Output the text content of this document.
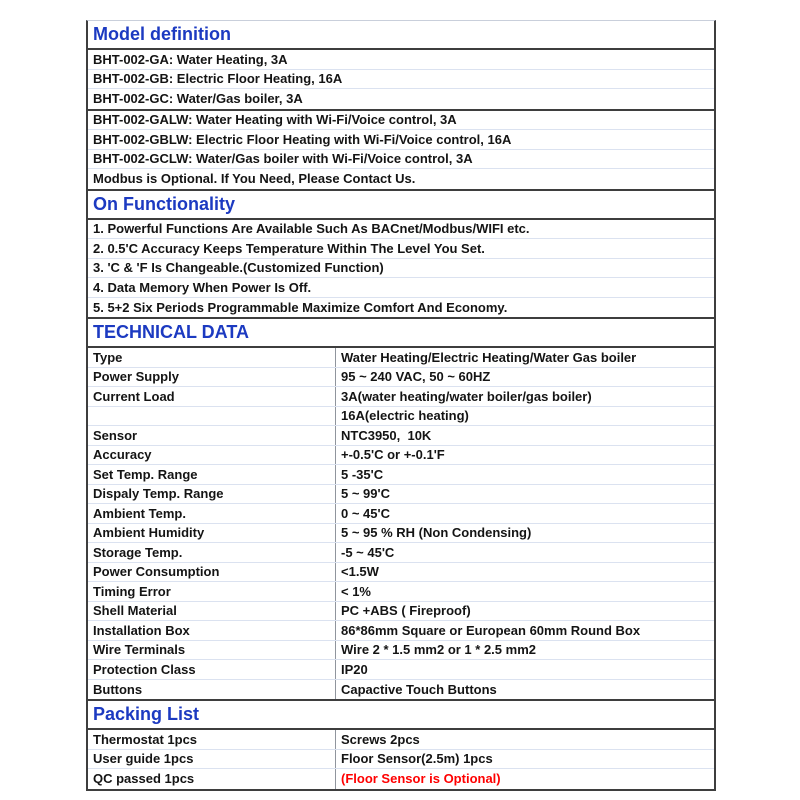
Model definition
BHT-002-GA: Water Heating, 3A
BHT-002-GB: Electric Floor Heating, 16A
BHT-002-GC: Water/Gas boiler, 3A
BHT-002-GALW: Water Heating with Wi-Fi/Voice control, 3A
BHT-002-GBLW: Electric Floor Heating with Wi-Fi/Voice control, 16A
BHT-002-GCLW: Water/Gas boiler with Wi-Fi/Voice control, 3A
Modbus is Optional. If You Need, Please Contact Us.
On Functionality
1. Powerful Functions Are Available Such As BACnet/Modbus/WIFI etc.
2. 0.5'C Accuracy Keeps Temperature Within The Level You Set.
3. 'C & 'F Is Changeable.(Customized Function)
4. Data Memory When Power Is Off.
5. 5+2 Six Periods Programmable Maximize Comfort And Economy.
TECHNICAL DATA
Type	Water Heating/Electric Heating/Water Gas boiler
Power Supply	95 ~ 240 VAC, 50 ~ 60HZ
Current Load	3A(water heating/water boiler/gas boiler)
16A(electric heating)
Sensor	NTC3950,  10K
Accuracy	+-0.5'C or +-0.1'F
Set Temp. Range	5 -35'C
Dispaly Temp. Range	5 ~ 99'C
Ambient Temp.	0 ~ 45'C
Ambient Humidity	5 ~ 95 % RH (Non Condensing)
Storage Temp.	-5 ~ 45'C
Power Consumption	<1.5W
Timing Error	< 1%
Shell Material	PC +ABS ( Fireproof)
Installation Box	86*86mm Square or European 60mm Round Box
Wire Terminals	Wire 2 * 1.5 mm2 or 1 * 2.5 mm2
Protection Class	IP20
Buttons	Capactive Touch Buttons
Packing List
Thermostat 1pcs	Screws 2pcs
User guide 1pcs	Floor Sensor(2.5m) 1pcs
QC passed 1pcs	(Floor Sensor is Optional)
